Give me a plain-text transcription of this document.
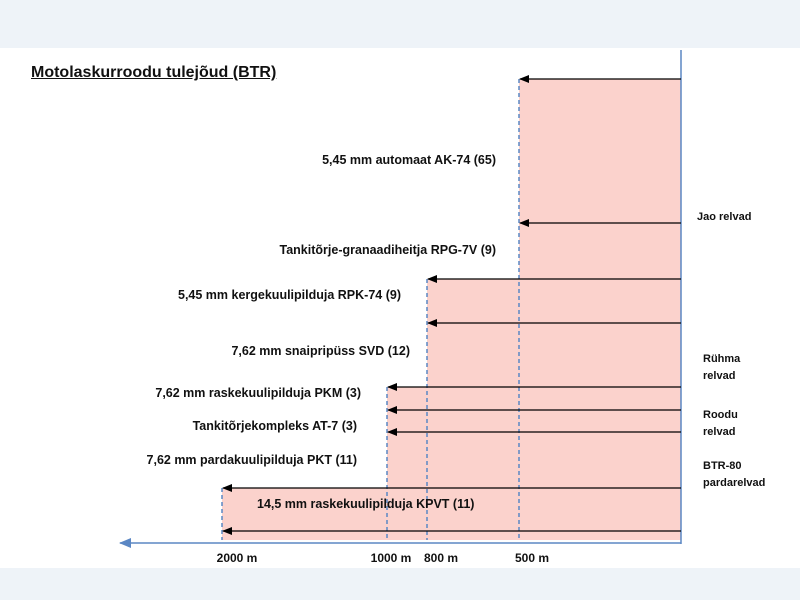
Motolaskurroodu tulejõud (BTR)
5,45 mm automaat AK-74 (65)
Tankitõrje-granaadiheitja RPG-7V (9)
5,45 mm kergekuulipilduja RPK-74 (9)
7,62 mm snaipripüss SVD (12)
7,62 mm raskekuulipilduja PKM (3)
Tankitõrjekompleks AT-7 (3)
7,62 mm pardakuulipilduja PKT (11)
14,5 mm raskekuulipilduja KPVT (11)
Jao relvad
Rühma relvad
Roodu relvad
BTR-80 pardarelvad
2000 m	1000 m 800 m	500 m
